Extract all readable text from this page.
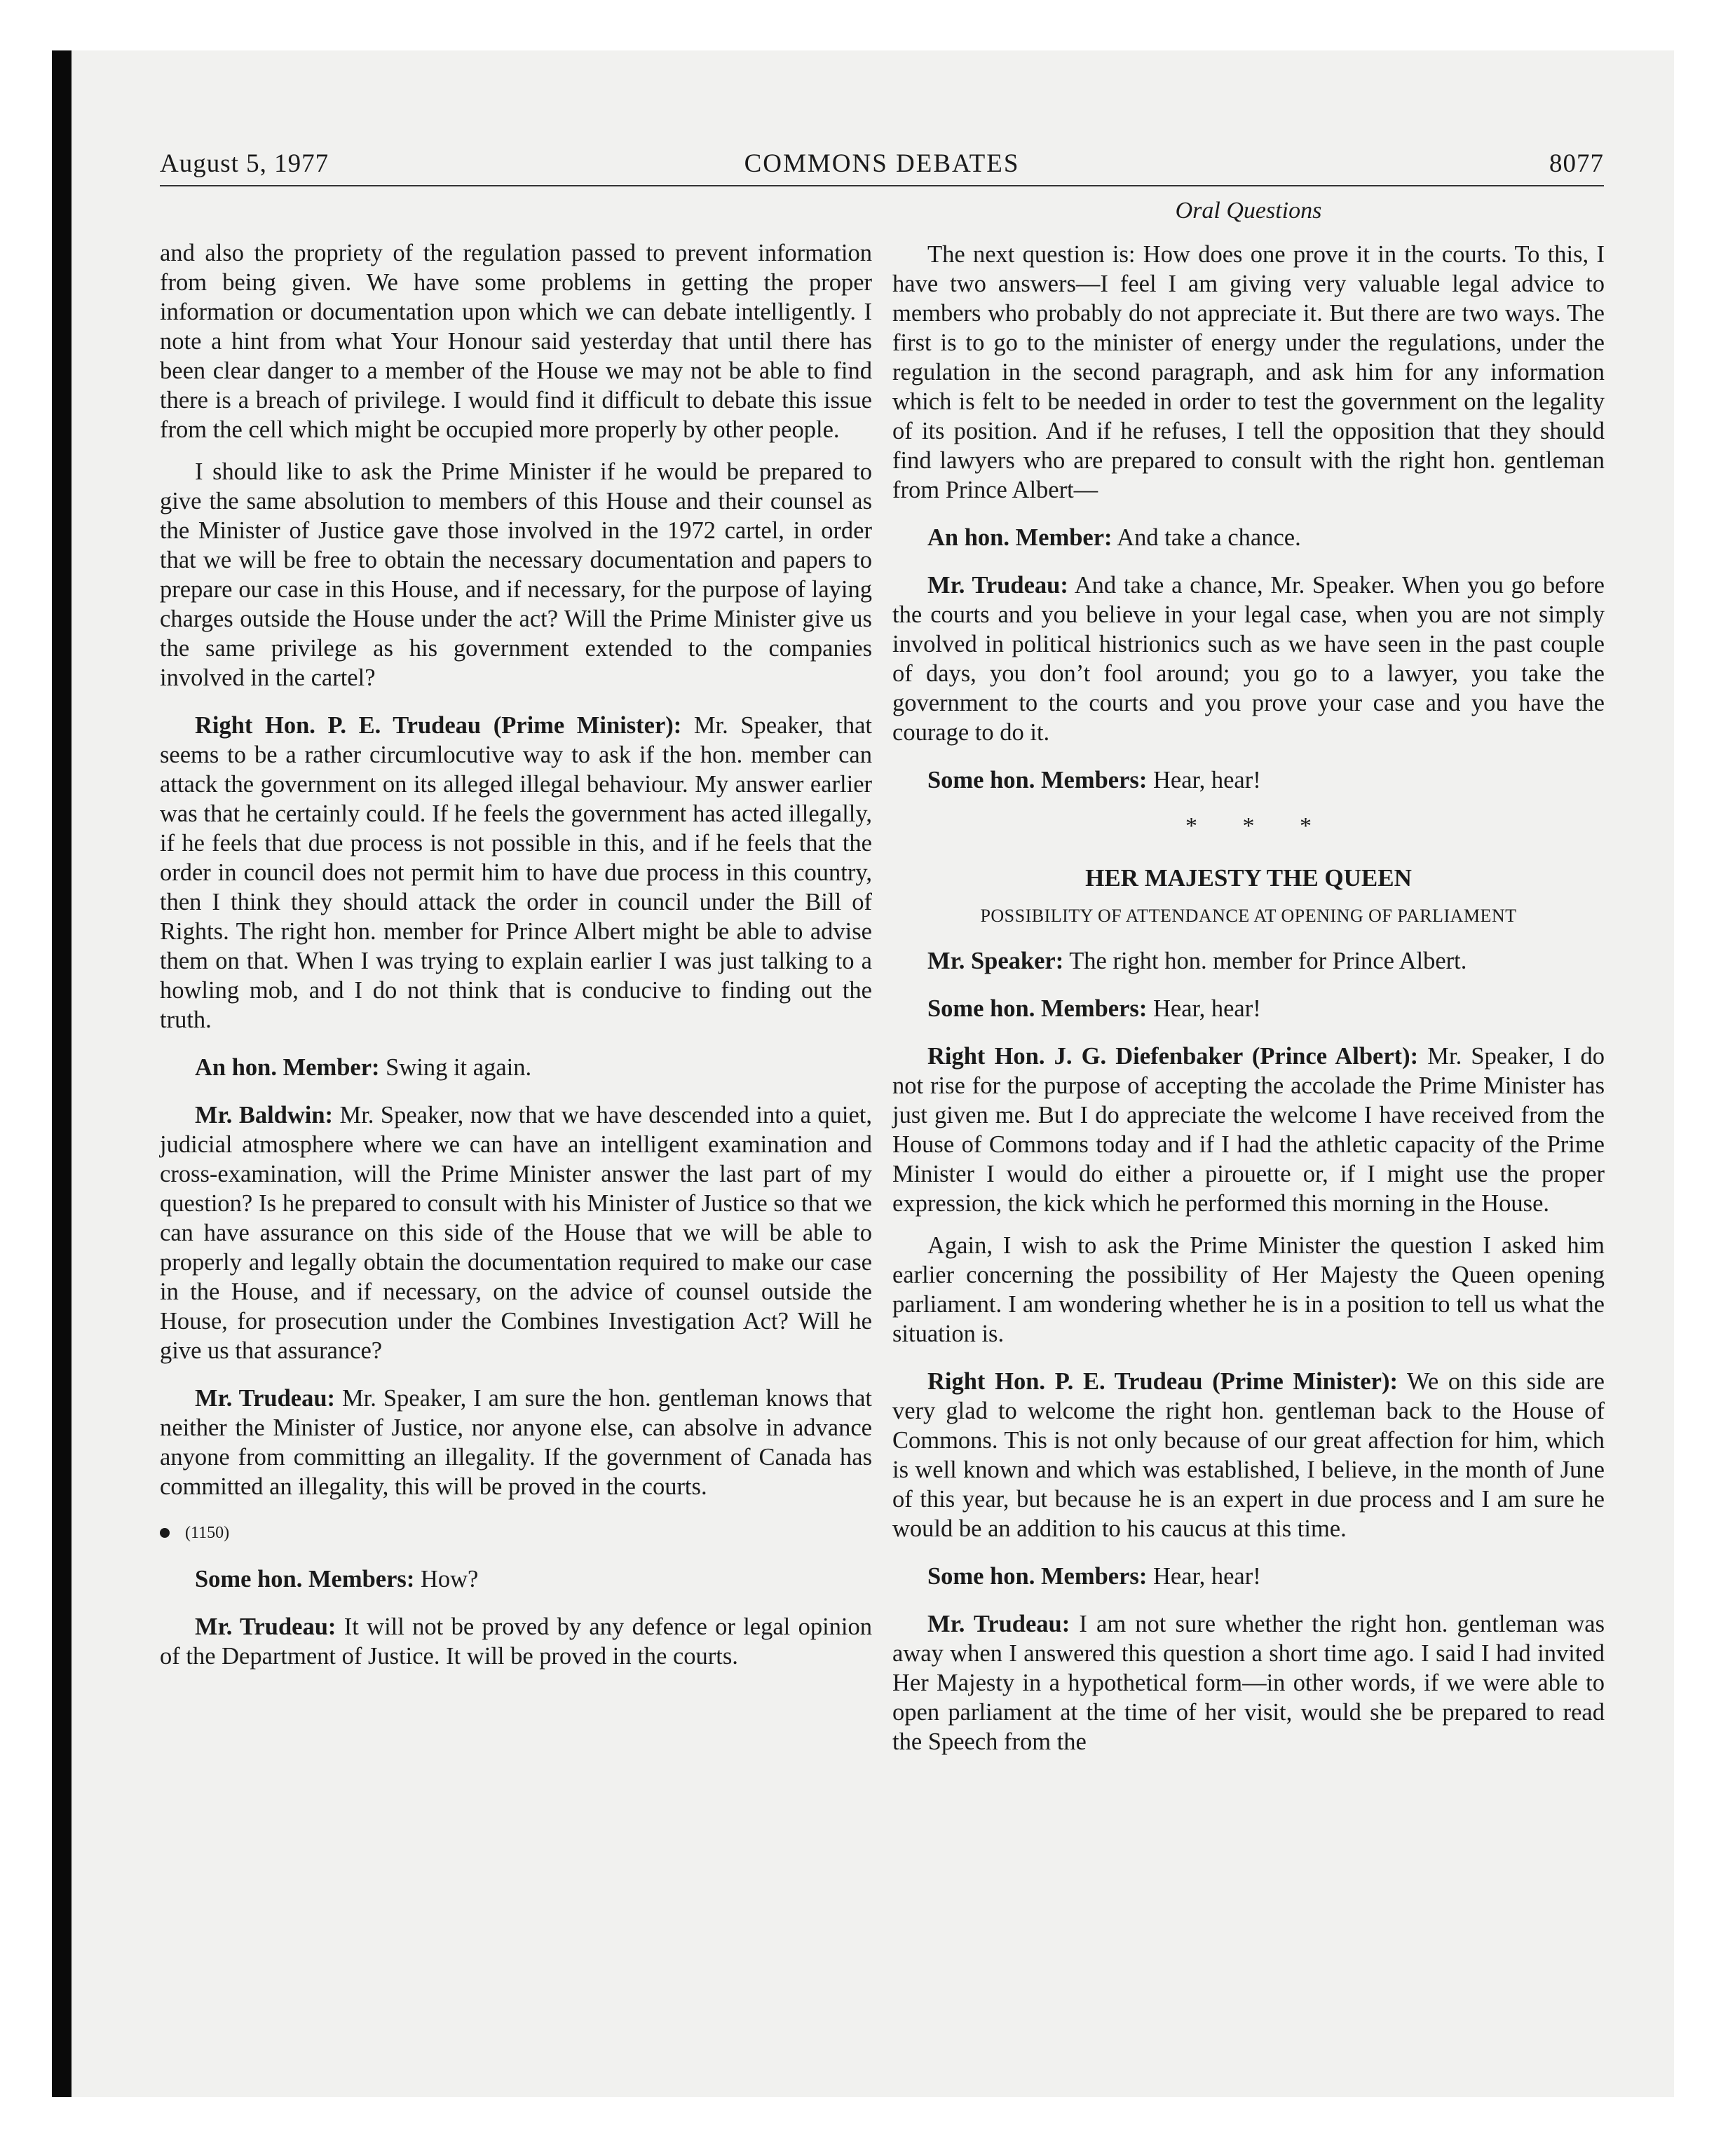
August 5, 1977	COMMONS DEBATES	8077
Oral Questions

and also the propriety of the regulation passed to prevent information from being given. We have some problems in getting the proper information or documentation upon which we can debate intelligently. I note a hint from what Your Honour said yesterday that until there has been clear danger to a member of the House we may not be able to find there is a breach of privilege. I would find it difficult to debate this issue from the cell which might be occupied more properly by other people.

I should like to ask the Prime Minister if he would be prepared to give the same absolution to members of this House and their counsel as the Minister of Justice gave those involved in the 1972 cartel, in order that we will be free to obtain the necessary documentation and papers to prepare our case in this House, and if necessary, for the purpose of laying charges outside the House under the act? Will the Prime Minister give us the same privilege as his government extended to the companies involved in the cartel?

Right Hon. P. E. Trudeau (Prime Minister): Mr. Speaker, that seems to be a rather circumlocutive way to ask if the hon. member can attack the government on its alleged illegal behaviour. My answer earlier was that he certainly could. If he feels the government has acted illegally, if he feels that due process is not possible in this, and if he feels that the order in council does not permit him to have due process in this country, then I think they should attack the order in council under the Bill of Rights. The right hon. member for Prince Albert might be able to advise them on that. When I was trying to explain earlier I was just talking to a howling mob, and I do not think that is conducive to finding out the truth.

An hon. Member: Swing it again.

Mr. Baldwin: Mr. Speaker, now that we have descended into a quiet, judicial atmosphere where we can have an intelligent examination and cross-examination, will the Prime Minister answer the last part of my question? Is he prepared to consult with his Minister of Justice so that we can have assurance on this side of the House that we will be able to properly and legally obtain the documentation required to make our case in the House, and if necessary, on the advice of counsel outside the House, for prosecution under the Combines Investigation Act? Will he give us that assurance?

Mr. Trudeau: Mr. Speaker, I am sure the hon. gentleman knows that neither the Minister of Justice, nor anyone else, can absolve in advance anyone from committing an illegality. If the government of Canada has committed an illegality, this will be proved in the courts.

(1150)

Some hon. Members: How?

Mr. Trudeau: It will not be proved by any defence or legal opinion of the Department of Justice. It will be proved in the courts.

The next question is: How does one prove it in the courts. To this, I have two answers—I feel I am giving very valuable legal advice to members who probably do not appreciate it. But there are two ways. The first is to go to the minister of energy under the regulations, under the regulation in the second paragraph, and ask him for any information which is felt to be needed in order to test the government on the legality of its position. And if he refuses, I tell the opposition that they should find lawyers who are prepared to consult with the right hon. gentleman from Prince Albert—

An hon. Member: And take a chance.

Mr. Trudeau: And take a chance, Mr. Speaker. When you go before the courts and you believe in your legal case, when you are not simply involved in political histrionics such as we have seen in the past couple of days, you don’t fool around; you go to a lawyer, you take the government to the courts and you prove your case and you have the courage to do it.

Some hon. Members: Hear, hear!

* * *
HER MAJESTY THE QUEEN
POSSIBILITY OF ATTENDANCE AT OPENING OF PARLIAMENT

Mr. Speaker: The right hon. member for Prince Albert.

Some hon. Members: Hear, hear!

Right Hon. J. G. Diefenbaker (Prince Albert): Mr. Speaker, I do not rise for the purpose of accepting the accolade the Prime Minister has just given me. But I do appreciate the welcome I have received from the House of Commons today and if I had the athletic capacity of the Prime Minister I would do either a pirouette or, if I might use the proper expression, the kick which he performed this morning in the House.

Again, I wish to ask the Prime Minister the question I asked him earlier concerning the possibility of Her Majesty the Queen opening parliament. I am wondering whether he is in a position to tell us what the situation is.

Right Hon. P. E. Trudeau (Prime Minister): We on this side are very glad to welcome the right hon. gentleman back to the House of Commons. This is not only because of our great affection for him, which is well known and which was established, I believe, in the month of June of this year, but because he is an expert in due process and I am sure he would be an addition to his caucus at this time.

Some hon. Members: Hear, hear!

Mr. Trudeau: I am not sure whether the right hon. gentleman was away when I answered this question a short time ago. I said I had invited Her Majesty in a hypothetical form—in other words, if we were able to open parliament at the time of her visit, would she be prepared to read the Speech from the
